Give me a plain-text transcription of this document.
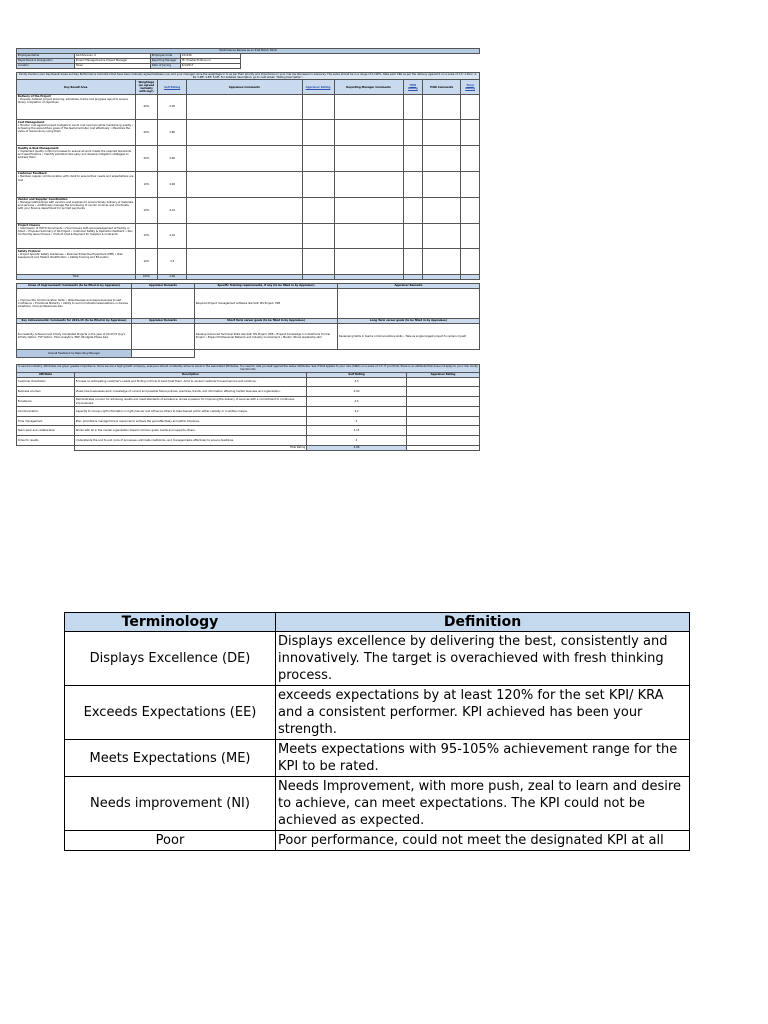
Performance Review as on 31st March 2018				
Employee Name	Senthilvanan. K	Employee Code	101436	
Department & Designation	Project Management & Project Manager	Reporting Manager	Mr. Prashanth Bonnuri	
Location	Hosur	Date of Joining	8/1/2017	
Kindly mention your Key Result Areas and Key Performance Indicators that have been mutually agreed between you and your manager. Give the weightage in % as per their priority and importance in your role (as discussed in advance). The same should be in a range of 0-100%. Rate each KRA as per the delivery against it on a scale of 1-5: 1-Poor; 2-NI; 3-ME; 4-EE; 5-DE. For detailed description, go to next sheet: "Rating Description".								
Key Result Area	Weightage (as agreed mutually with mgr)	Self Rating	Appraisee Comments	Appraiser Rating	Reporting Manager Comments	HOD Rating	HOD Comments	Final Rating

Delivery of the Project
• Develop detailed project planning, schedules, tracks and progress report to ensure timely completion of objectives	20%	4.00						

Cost Management
• Monitor cost against project budgets to avoid cost overruns while maintaining quality • Achieving the expenditure goals of the team/controller cost effectively • Maximize the value of resources by using them	20%	3.80						

Quality & Risk Management
• Implement quality control processes to ensure all work meets the required standards and specifications • Identify potential risks early and develop mitigation strategies to address them	20%	3.60						

Customer Feedback
• Maintain regular communication with client to ensure their needs and expectations are met	10%	4.00						

Vendor and Supplier Coordination
• Manage relationships with vendors and suppliers to ensure timely delivery of materials and services • Additionally manage the processing of vendor invoices and coordinate with your finance department for prompt payments	10%	4.10						

Project Closure
• Submission of HOTO Documents • Final Closure with acknowledgement of Facility or Client • Proposal Summary of RA Project • Customer Safety & Operation feedback • Non Conformity Issue Closure • Product Cost & Payment for Supplier & Contractor	10%	4.10						

Safety Protocol
• Project Specific Safety Guidelines • Personal Protective Equipment (PPE) • Risk Assessment and Hazard Identification • Safety training and Education	10%	3.5						
Total	100%	4.06						
Areas of Improvement: Comments (to be filled in by Appraiser)	Appraiser Remarks	Specific Training requirements, if any (to be filled in by Appraiser)	Appraiser Remarks
• Improve the Communication Skills • Attentiveness and responsiveness to self confidence • Emotional Maturity • Ability to avoid ill situations/escalations in diverse situations, more professionals also		Required Project management software like SAP, MS Project, ERP	
Key Achievements: Comments for 2014-15 (to be filled in by Appraisee)	Appraiser Remarks	Short Term career goals (to be filled in by Appraisee)	Long Term career goals (to be filled in by Appraisee)
Successfully Achieved and timely Completed Projects in the year of 24-25 Hi Quy's Infinity Option, TVF Option, Titan Analytics, ERP, Mindgate Phase 1&2		Develop Advanced Technical Skills like SAP, MS Project, ERP • Expand Knowledge in Industrial & Formal Project • Expand Professional Network and Industry Involvement • Mentor others leadership skill	Developing Skills in teams communications skills • Take as single largest project to remain myself
Overall Feedback by Reporting Manager			
In service industry, attributes are given greater importance. Since we are a high growth company, everyone should constantly strive to excel in the associated attributes. You need to rate yourself against the below attributes. See if that applies to your role (ONLY) on a scale of 1-5. If you think, there is an attribute that does not apply to your role, kindly mention NA.			
Attribute	Description	Self Rating	Appraiser Rating
Customer Orientation	Focuses on anticipating customer's needs and finding out how to best meet them. Aims to exceed customer-focused service and solutions.	4.5	
Business Acumen	Views how businesses work; knowledge of current and possible future policies, practices, trends, and information affecting his/her business and organization.	4.00	
Excellence	Demonstrates concern for achieving results and meet standards of excellence; shows a passion for improving the delivery of services with a commitment to continuous improvement.	4.5	
Communication	Capacity to convey right information in right manner and influence others to take desired action either verbally or in written means.	4.2	
Time management	Plan, prioritize & manage time & resources to achieve the goal effectively and within timelines.	4	
Team work and collaboration	Works with all in the overall organization toward common goals; builds and supports others.	4.15	
Drive for results	Understands the end to end cycle of processes, eliminate roadblocks, and manages tasks effectively to ensure deadlines.	4	
	Total Rating	4.08	
Terminology	Definition
Displays Excellence (DE)	Displays excellence by delivering the best, consistently and innovatively. The target is overachieved with fresh thinking process.
Exceeds Expectations (EE)	exceeds expectations by at least 120% for the set KPI/ KRA and a consistent performer. KPI achieved has been your strength.
Meets Expectations (ME)	Meets expectations with 95-105% achievement range for the KPI to be rated.
Needs improvement (NI)	Needs Improvement, with more push, zeal to learn and desire to achieve, can meet expectations. The KPI could not be achieved as expected.
Poor	Poor performance, could not meet the designated KPI at all
